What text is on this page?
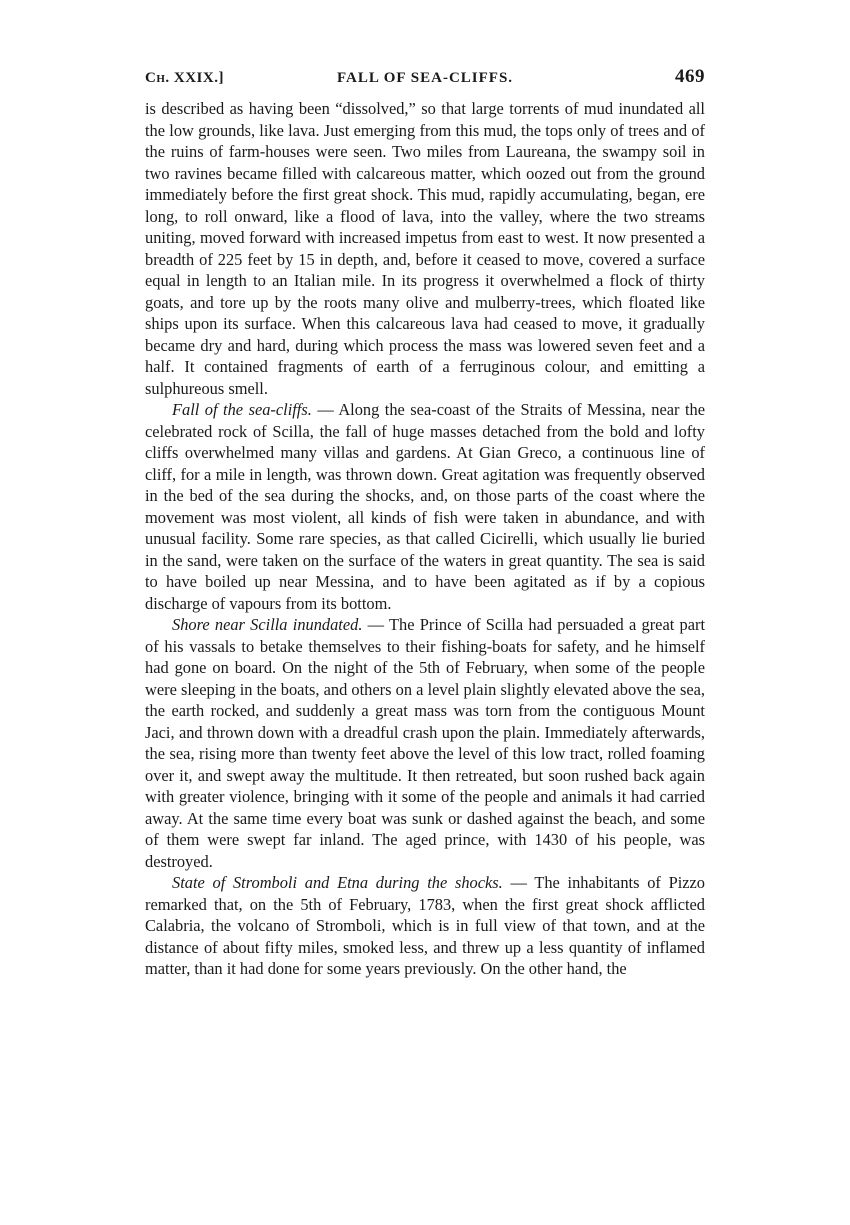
Ch. XXIX.]	FALL OF SEA-CLIFFS.	469

is described as having been “dissolved,” so that large torrents of mud inundated all the low grounds, like lava. Just emerging from this mud, the tops only of trees and of the ruins of farm-houses were seen. Two miles from Laureana, the swampy soil in two ravines became filled with calcareous matter, which oozed out from the ground immediately before the first great shock. This mud, rapidly accumulating, began, ere long, to roll onward, like a flood of lava, into the valley, where the two streams uniting, moved forward with increased impetus from east to west. It now presented a breadth of 225 feet by 15 in depth, and, before it ceased to move, covered a surface equal in length to an Italian mile. In its progress it overwhelmed a flock of thirty goats, and tore up by the roots many olive and mulberry-trees, which floated like ships upon its surface. When this calcareous lava had ceased to move, it gradually became dry and hard, during which process the mass was lowered seven feet and a half. It contained fragments of earth of a ferruginous colour, and emitting a sulphureous smell.

Fall of the sea-cliffs. — Along the sea-coast of the Straits of Messina, near the celebrated rock of Scilla, the fall of huge masses detached from the bold and lofty cliffs overwhelmed many villas and gardens. At Gian Greco, a continuous line of cliff, for a mile in length, was thrown down. Great agitation was frequently observed in the bed of the sea during the shocks, and, on those parts of the coast where the movement was most violent, all kinds of fish were taken in abundance, and with unusual facility. Some rare species, as that called Cicirelli, which usually lie buried in the sand, were taken on the surface of the waters in great quantity. The sea is said to have boiled up near Messina, and to have been agitated as if by a copious discharge of vapours from its bottom.

Shore near Scilla inundated. — The Prince of Scilla had persuaded a great part of his vassals to betake themselves to their fishing-boats for safety, and he himself had gone on board. On the night of the 5th of February, when some of the people were sleeping in the boats, and others on a level plain slightly elevated above the sea, the earth rocked, and suddenly a great mass was torn from the contiguous Mount Jaci, and thrown down with a dreadful crash upon the plain. Immediately afterwards, the sea, rising more than twenty feet above the level of this low tract, rolled foaming over it, and swept away the multitude. It then retreated, but soon rushed back again with greater violence, bringing with it some of the people and animals it had carried away. At the same time every boat was sunk or dashed against the beach, and some of them were swept far inland. The aged prince, with 1430 of his people, was destroyed.

State of Stromboli and Etna during the shocks. — The inhabitants of Pizzo remarked that, on the 5th of February, 1783, when the first great shock afflicted Calabria, the volcano of Stromboli, which is in full view of that town, and at the distance of about fifty miles, smoked less, and threw up a less quantity of inflamed matter, than it had done for some years previously. On the other hand, the
